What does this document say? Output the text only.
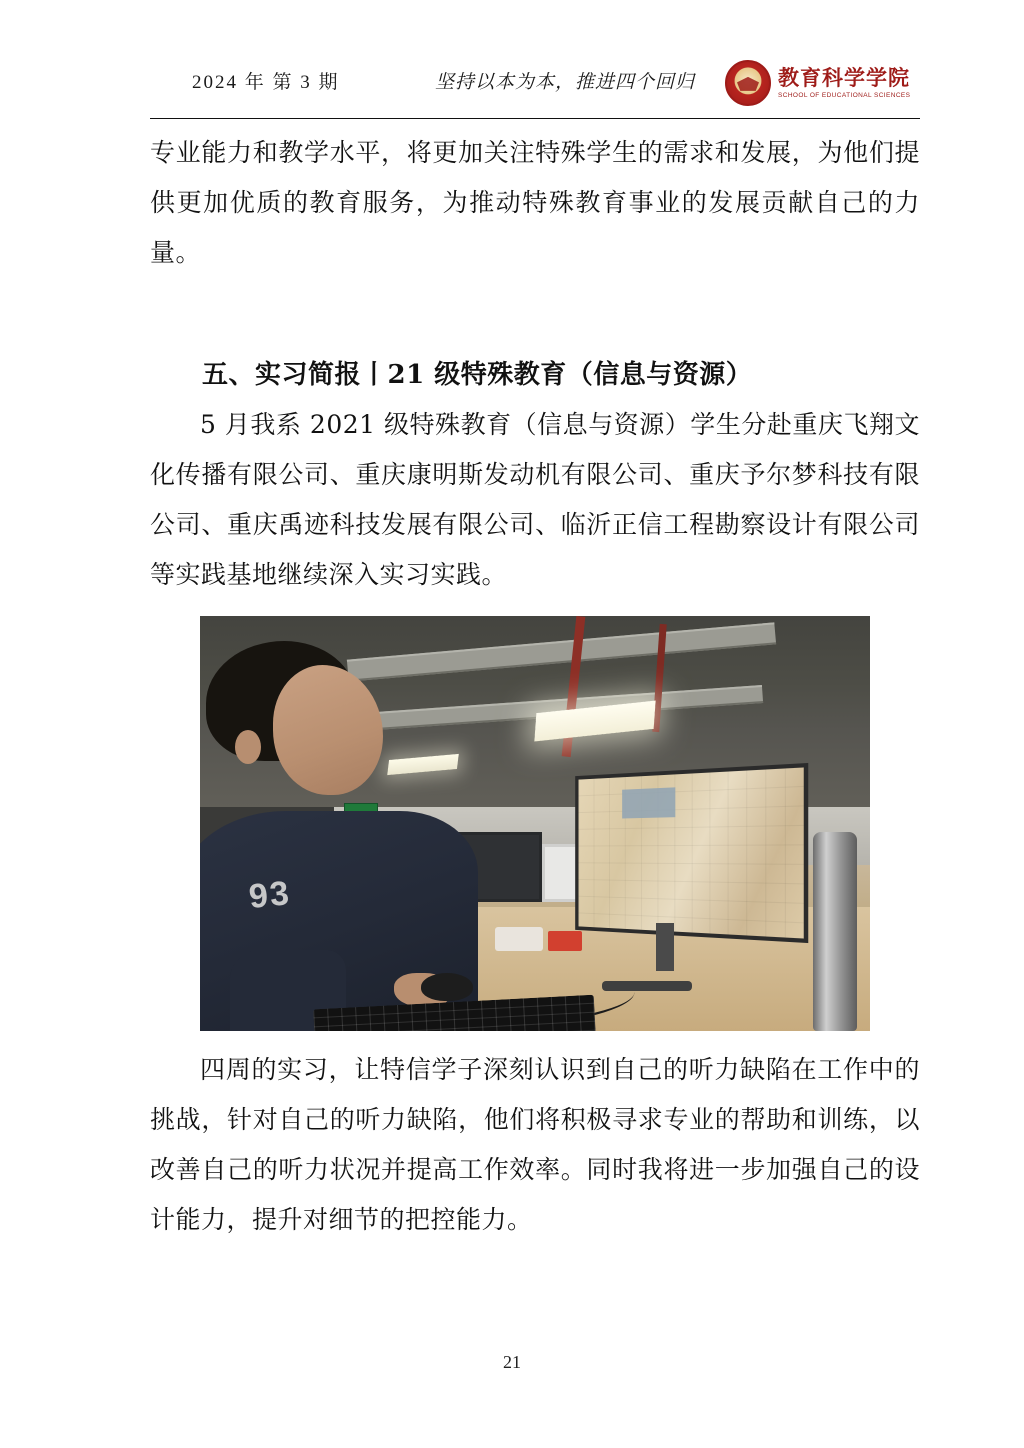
2024 年 第 3 期	坚持以本为本，推进四个回归	教育科学学院
SCHOOL OF EDUCATIONAL SCIENCES

专业能力和教学水平，将更加关注特殊学生的需求和发展，为他们提供更加优质的教育服务，为推动特殊教育事业的发展贡献自己的力量。

五、实习简报丨21 级特殊教育（信息与资源）

5 月我系 2021 级特殊教育（信息与资源）学生分赴重庆飞翔文化传播有限公司、重庆康明斯发动机有限公司、重庆予尔梦科技有限公司、重庆禹迹科技发展有限公司、临沂正信工程勘察设计有限公司等实践基地继续深入实习实践。

93

四周的实习，让特信学子深刻认识到自己的听力缺陷在工作中的挑战，针对自己的听力缺陷，他们将积极寻求专业的帮助和训练，以改善自己的听力状况并提高工作效率。同时我将进一步加强自己的设计能力，提升对细节的把控能力。

21
